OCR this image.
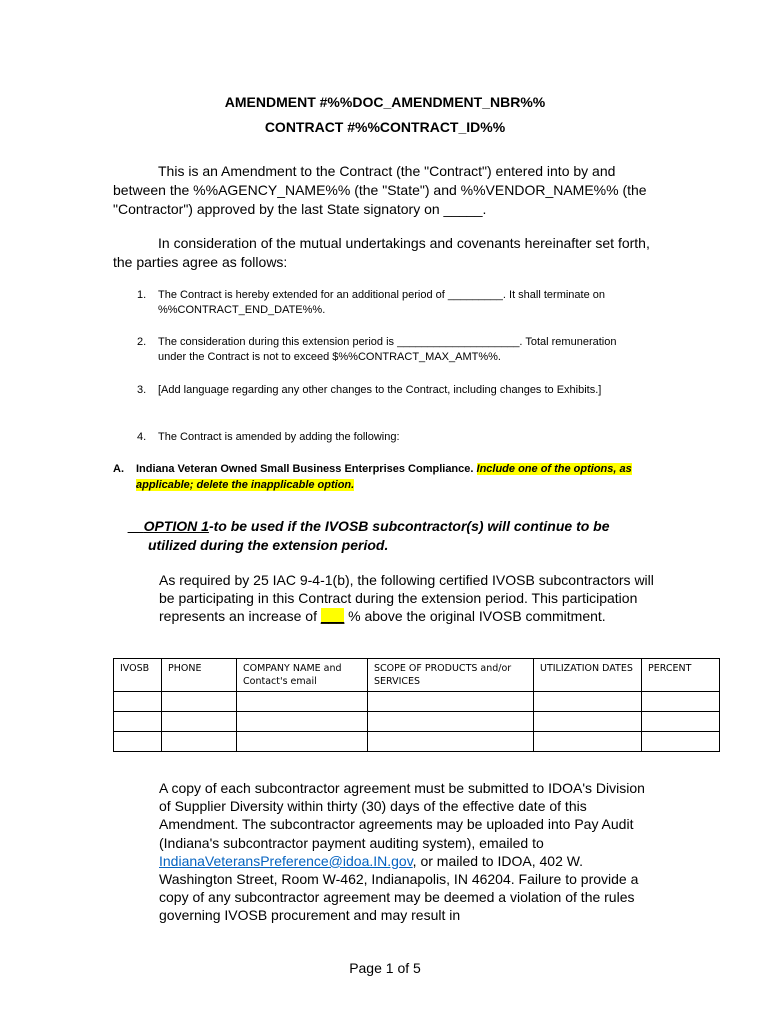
AMENDMENT #%%DOC_AMENDMENT_NBR%%
CONTRACT #%%CONTRACT_ID%%
This is an Amendment to the Contract (the "Contract") entered into by and between the %%AGENCY_NAME%% (the "State") and %%VENDOR_NAME%% (the "Contractor") approved by the last State signatory on _____.
In consideration of the mutual undertakings and covenants hereinafter set forth, the parties agree as follows:
1. The Contract is hereby extended for an additional period of _________. It shall terminate on %%CONTRACT_END_DATE%%.
2. The consideration during this extension period is ____________________. Total remuneration under the Contract is not to exceed $%%CONTRACT_MAX_AMT%%.
3. [Add language regarding any other changes to the Contract, including changes to Exhibits.]
4. The Contract is amended by adding the following:
A. Indiana Veteran Owned Small Business Enterprises Compliance. Include one of the options, as applicable; delete the inapplicable option.
__OPTION 1-to be used if the IVOSB subcontractor(s) will continue to be
utilized during the extension period.
As required by 25 IAC 9-4-1(b), the following certified IVOSB subcontractors will be participating in this Contract during the extension period. This participation represents an increase of ___ % above the original IVOSB commitment.
IVOSB	PHONE	COMPANY NAME and Contact's email	SCOPE OF PRODUCTS and/or SERVICES	UTILIZATION DATES	PERCENT

A copy of each subcontractor agreement must be submitted to IDOA's Division of Supplier Diversity within thirty (30) days of the effective date of this Amendment. The subcontractor agreements may be uploaded into Pay Audit (Indiana's subcontractor payment auditing system), emailed to IndianaVeteransPreference@idoa.IN.gov, or mailed to IDOA, 402 W. Washington Street, Room W-462, Indianapolis, IN 46204. Failure to provide a copy of any subcontractor agreement may be deemed a violation of the rules governing IVOSB procurement and may result in
Page 1 of 5
